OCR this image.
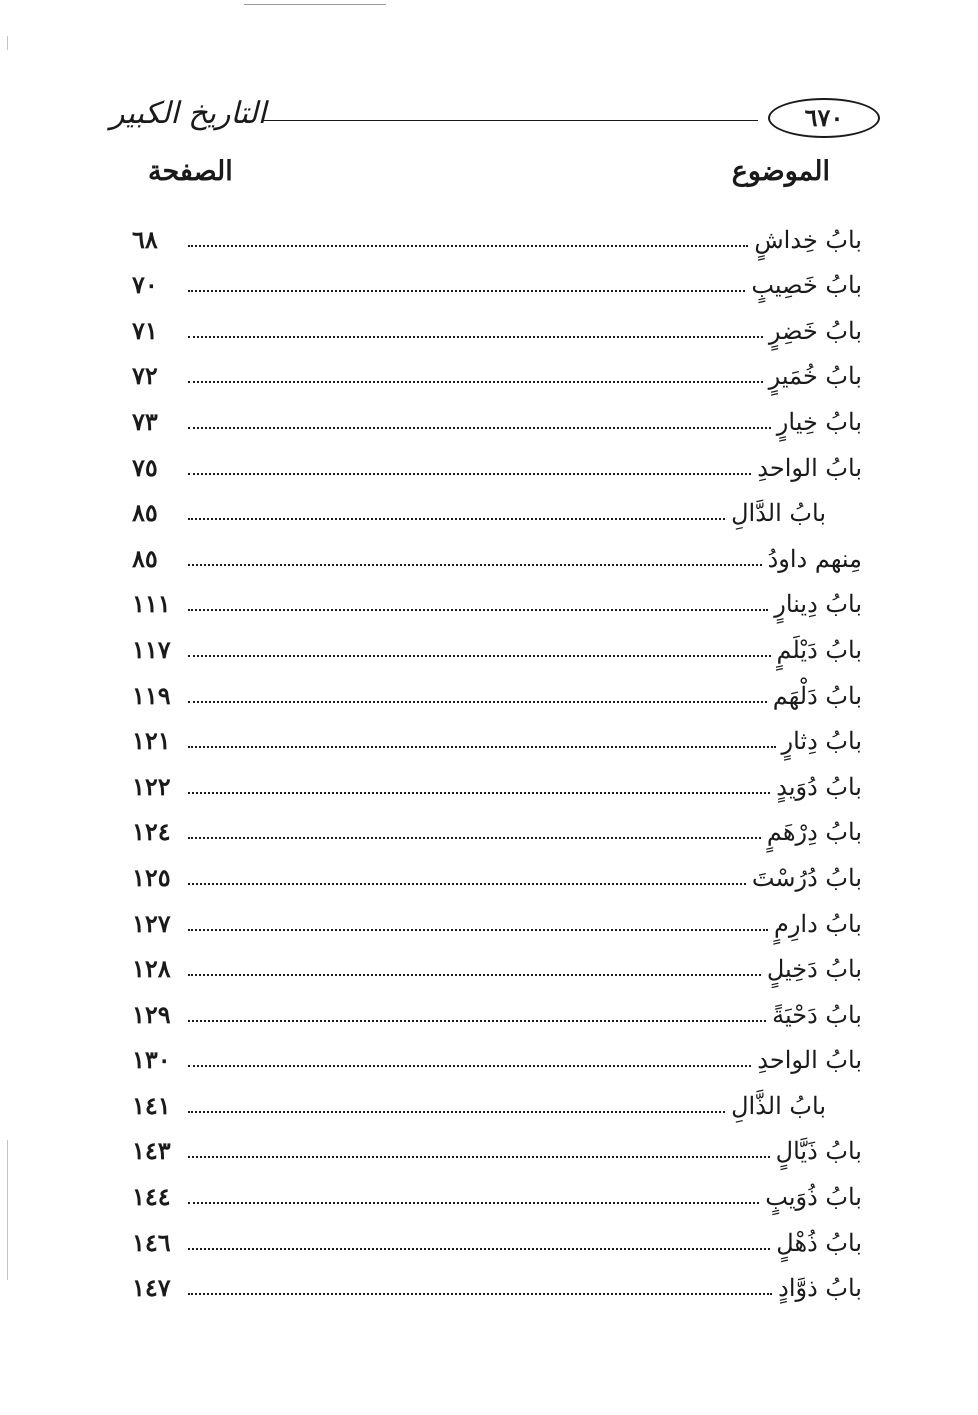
التاريخ الكبير	٦٧٠
الموضوع
الصفحة
بابُ خِداشٍ
٦٨
بابُ خَصِيبٍ
٧٠
بابُ خَضِرٍ
٧١
بابُ خُمَيرٍ
٧٢
بابُ خِيارٍ
٧٣
بابُ الواحدِ
٧٥
بابُ الدَّالِ
٨٥
مِنهم داودُ
٨٥
بابُ دِينارٍ
١١١
بابُ دَيْلَمٍ
١١٧
بابُ دَلْهَم
١١٩
بابُ دِثارٍ
١٢١
بابُ دُوَيدٍ
١٢٢
بابُ دِرْهَمٍ
١٢٤
بابُ دُرُسْتَ
١٢٥
بابُ دارِمٍ
١٢٧
بابُ دَخِيلٍ
١٢٨
بابُ دَحْيَةً
١٢٩
بابُ الواحدِ
١٣٠
بابُ الذَّالِ
١٤١
بابُ ذَيَّالٍ
١٤٣
بابُ ذُوَيبٍ
١٤٤
بابُ ذُهْلٍ
١٤٦
بابُ ذوَّادٍ
١٤٧
